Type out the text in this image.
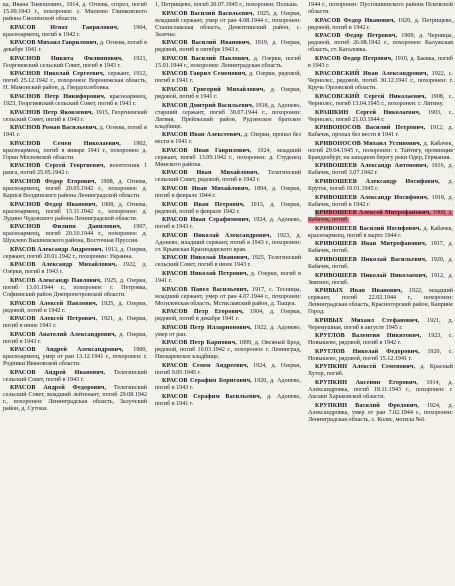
ка, Ивана Тимошович., 1914, д. Огнева, сгорел, погиб 15.09.1943 г., похоронен: с. Милеево Глинковского района Смоленской области.
КРАСОВ Игнат Гаврилович, 1904, красноармеец, погиб в 1942 г.
КРАСОВ Михаил Гаврилович, д. Огнева, погиб в декабре 1941 г.
КРАСНОВ Никита Филиппович, 1921, Георгиевский сельский Совет, погиб в 1943 г.
КРАСНОВ Николай Сергеевич, сержант, 1912, погиб 25.12.1942 г., похоронен: Воронежская область, Н. Мамонский район, д. Гвердохлебовка.
КРАСНОВ Петр Никифорович, красноармеец, 1923, Георгиевский сельский Совет, погиб в 1943 г.
КРАСНОВ Петр Яковлевич, 1915, Георгиевский сельский Совет, погиб в 1943 г.
КРАСНОВ Роман Васильевич, д. Огнева, погиб в 1941 г.
КРАСНОВ Семен Николаевич, 1902, красноармеец, погиб в январе 1941 г., похоронен: д. Горки Московской области.
КРАСНОВ Сергей Георгиевич, воентехник 1 ранга, погиб 25.05.1942 г.
КРАСНОВ Федор Егорович, 1908, д. Огнева, красноармеец, погиб 20.05.1942 г., похоронен: д. Карпся Волдинского района Ленинградской области.
КРАСНОВ Федор Иванович, 1908, д. Огнева, красноармеец, погиб 13.11.1942 г., похоронен: д. Лудино Чудовского района Ленинградской области.
КРАСНОВ Филипп Данилович, 1907, красноармеец, погиб 20.10.1944 г., похоронен: д. Шуклево Вышневского района, Восточная Пруссия.
КРАСОВ Александр Андреевич, 1913, д. Озерки, сержант, погиб 20.01.1942 г., похоронен: Украина.
КРАСОВ Александр Михайлович, 1922, д. Озерки, погиб в 1943 г.
КРАСОВ Александр Павлович, 1925, д. Озерки, погиб 13.01.1944 г., похоронен: г. Петровка, Софиевский район Днепропетровской области.
КРАСОВ Алексей Павлович, 1925, д. Озерки, рядовой, погиб в 1942 г.
КРАСОВ Алексей Петрович, 1921, д. Озерки, погиб в июне 1941 г.
КРАСОВ Анатолий Александрович, д. Озерки, погиб в 1943 г.
КРАСОВ Андрей Александрович, 1900, красноармеец, умер от ран 13.12.1941 г., похоронен: г. Родники Ивановской области.
КРАСОВ Андрей Иванович, Телегинский сельский Совет, погиб в 1943 г.
КРАСОВ Андрей Федорович, Телегинский сельский Совет, младший лейтенант, погиб 29.08.1942 г., похоронен: Ленинградская область, Залучский район, д. Сутоки.
1, Петрищево, погиб 20.07.1945 г., похоронен: Польша.
КРАСОВ Василий Васильевич, 1925, д. Озерки, младший сержант, умер от ран 4.08.1944 г., похоронен: Станиславская область, Дементинский район, с. Залечье.
КРАСОВ Василий Иванович, 1919, д. Озерки, рядовой, погиб в октябре 1943 г.
КРАСОВ Василий Павлович, д. Озерки, погиб 15.01.1944 г., похоронен: Ленинградская область.
КРАСОВ Гаврил Семенович, д. Озерки, рядовой, погиб в 1941 г.
КРАСОВ Григорий Михайлович, д. Озерки, рядовой, погиб в 1941 г.
КРАСОВ Дмитрий Васильевич, 1918, д. Адонево, старший сержант, погиб 30.07.1944 г., похоронен: Латвия, Прейльский район, Рудзенское братское кладбище.
КРАСОВ Иван Алексеевич, д. Озерки, пропал без вести в 1941 г.
КРАСОВ Иван Гаврилович, 1924, младший сержант, погиб 13.09.1942 г., похоронен: д. Студенец Минского района.
КРАСОВ Иван Михайлович, Телегинский сельский Совет, рядовой, погиб в 1942 г.
КРАСОВ Иван Михайлович, 1894, д. Озерки, погиб в феврале 1944 г.
КРАСОВ Иван Петрович, 1913, д. Озерки, рядовой, погиб в феврале 1942 г.
КРАСОВ Иван Серафимович, 1924, д. Адонево, погиб в 1943 г.
КРАСОВ Николай Александрович, 1923, д. Адонево, младший сержант, погиб в 1943 г., похоронен: ст. Крымская Краснодарского края.
КРАСОВ Николай Иванович, 1925, Телегинский сельский Совет, погиб в июле 1943 г.
КРАСОВ Николай Петрович, д. Озерки, погиб в 1941 г.
КРАСОВ Павел Васильевич, 1917, с. Тесницы, младший сержант, умер от ран 4.07.1944 г., похоронен: Могилевская область, Мстиславский район, д. Тыщеа.
КРАСОВ Петр Егорович, 1904, д. Озерки, рядовой, погиб в декабре 1941 г.
КРАСОВ Петр Илларионович, 1922, д. Адонево, умер от ран.
КРАСОВ Петр Карпович, 1899, д. Овсяный Брод, рядовой, погиб 10.03.1942 г., похоронен: г. Ленинград, Пискаревское кладбище.
КРАСОВ Семен Андреевич, 1924, д. Озерки, погиб 9.05.1945 г.
КРАСОВ Серафим Борисович, 1920, д. Адонево, погиб в 1943 г.
КРАСОВ Серафим Васильевич, д. Адонево, погиб в 1941 г.
1944 г., похоронен: Пустошкинского района Псковской области.
КРАСОВ Федор Иванович, 1920, д. Петрищево, рядовой, погиб в 1942 г.
КРАСОВ Федор Петрович, 1909, д. Черницы, рядовой, погиб 26.08.1942 г., похоронен: Калужская область, ст. Кагаловка.
КРАСОВ Федор Петрович, 1910, д. Баевка, погиб в 1943 г.
КРАСОВСКИЙ Иван Александрович, 1922, с. Чернолес, рядовой, погиб 30.12.1941 г., похоронен: г. Кручь Орловской области.
КРАСОВСКИЙ Сергей Николаевич, 1908, с. Чернолес, погиб 13.04.1945 г., похоронен: г. Литину.
КРАШКИН Сергей Николаевич, 1903, с. Чернолес, погиб 21.03.1944 г.
КРИВОНОСОВ Василий Петрович, 1912, д. Кабачек, пропал без вести в 1941 г.
КРИВОНОСОВ Михаил Устинович, д. Кабачек, погиб 29.04.1945 г., похоронен: г. Тайтигу, провинция Бранденбург, на западном берегу реки Одер, Германия.
КРИВОШЕЕВ Александр Антонович, 1916, д. Кабачек, погиб 3.07.1942 г.
КРИВОШЕЕВ Александр Иосифович, д. Крутое, погиб 10.01.1945 г.
КРИВОШЕЕВ Александр Иосифович, 1918, д. Кабачек, погиб в 1942 г.
КРИВОШЕЕВ Алексей Митрофанович, 1908, д. Кабачек, погиб.
КРИВОШЕЕВ Василий Иосифович, д. Кабачек, красноармеец, погиб в марте 1944 г.
КРИВОШЕЕВ Иван Митрофанович, 1917, д. Кабачек, погиб.
КРИВОШЕЕВ Николай Васильевич, 1920, д. Кабачек, погиб.
КРИВОШЕЕВ Николай Николаевич, 1912, д. Звягино, погиб.
КРИВЫХ Иван Иванович, 1922, младший сержант, погиб 22.02.1944 г., похоронен: Ленинградская область, Красногорский район, Каприне Город.
КРИВЫХ Михаил Стефанович, 1921, д. Черемушная, погиб в августе 1945 г.
КРУГЛОВ Валентин Никитович, 1923, с. Новышево, рядовой, погиб в 1942 г.
КРУГЛОВ Николай Федорович, 1920, с. Новышево, рядовой, погиб 15.12.1941 г.
КРУПКИН Алексей Семенович, д. Красный Хутор, погиб.
КРУПКИН Аксенин Егорович, 1914, д. Александровка, погиб 18.11.1943 г., похоронен: г. Аксаки Харьковской области.
КРУПКИН Василий Фролович, 1924, д. Александровка, умер от ран 7.02.1944 г., похоронен: Ленинградская область, с. Коляс, могила №6.
